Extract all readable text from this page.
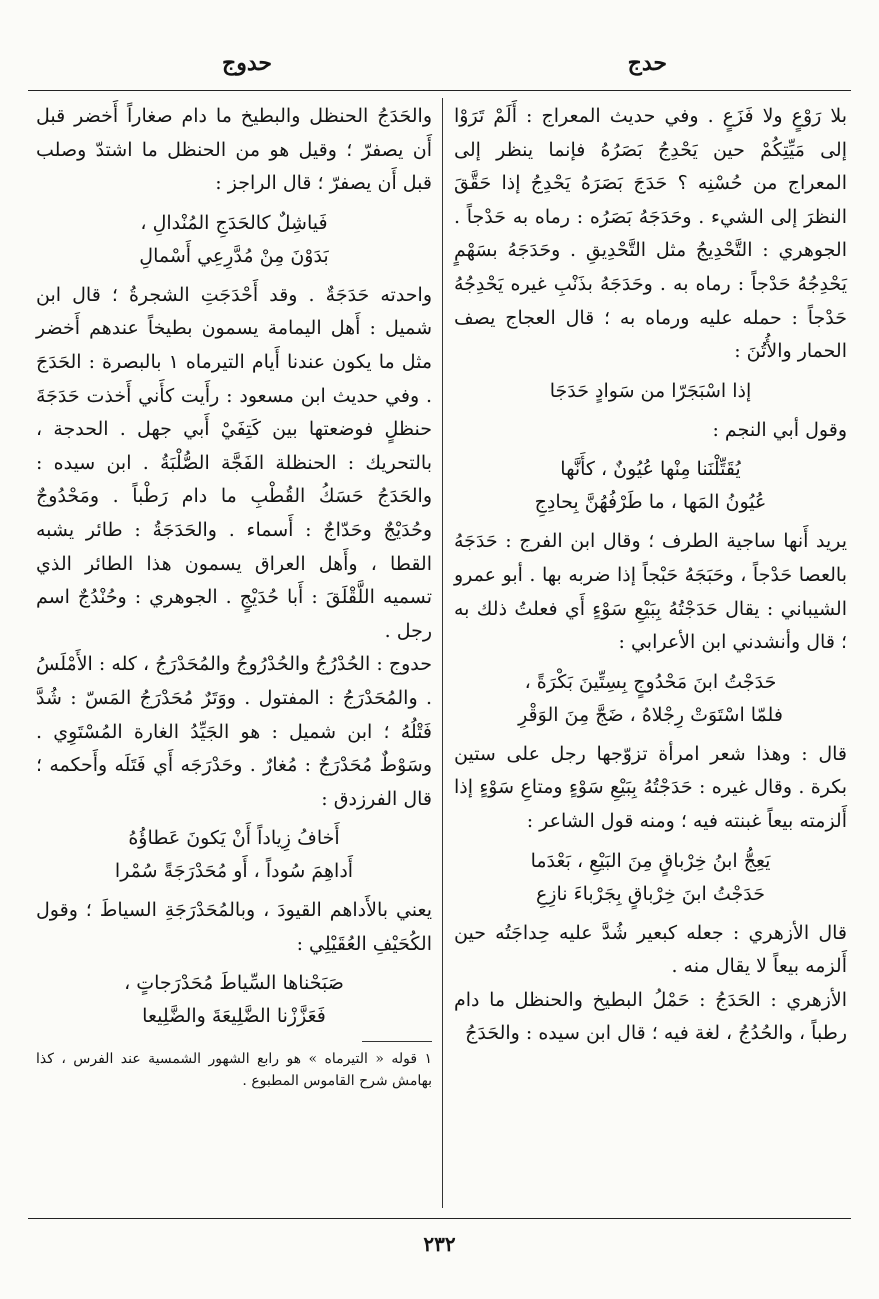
حدج
حدوج

بلا رَوْعٍ ولا فَزَعٍ . وفي حديث المعراج : أَلَمْ تَرَوْا إلى مَيِّتِكُمْ حين يَحْدِجُ بَصَرُهُ فإنما ينظر إلى المعراج من حُسْنِه ؟ حَدَجَ بَصَرَهُ يَحْدِجُ إذا حَقَّقَ النظرَ إلى الشيء . وحَدَجَهُ بَصَرُه : رماه به حَدْجاً . الجوهري : التَّحْدِيجُ مثل التَّحْدِيقِ . وحَدَجَهُ بسَهْمٍ يَحْدِجُهُ حَدْجاً : رماه به . وحَدَجَهُ بذَنْبِ غيره يَحْدِجُهُ حَدْجاً : حمله عليه ورماه به ؛ قال العجاج يصف الحمار والأُتُنَ :

إذا اسْبَجَرّا من سَوادٍ حَدَجَا

وقول أبي النجم :

يُقَتِّلْنَنا مِنْها عُيُونٌ ، كأَنَّها
عُيُونُ المَها ، ما طَرْفُهُنَّ بِحادِجِ

يريد أَنها ساجية الطرف ؛ وقال ابن الفرج : حَدَجَهُ بالعصا حَدْجاً ، وحَبَجَهُ حَبْجاً إذا ضربه بها . أبو عمرو الشيباني : يقال حَدَجْتُهُ بِبَيْعِ سَوْءٍ أَي فعلتُ ذلك به ؛ قال وأنشدني ابن الأعرابي :

حَدَجْتُ ابنَ مَحْدُوجٍ بِسِتِّينَ بَكْرَةً ،
فلمّا اسْتَوَتْ رِجْلاهُ ، ضَجَّ مِنَ الوَقْرِ

قال : وهذا شعر امرأة تزوّجها رجل على ستين بكرة . وقال غيره : حَدَجْتُهُ بِبَيْعِ سَوْءٍ ومتاعِ سَوْءٍ إذا أَلزمته بيعاً غبنته فيه ؛ ومنه قول الشاعر :

يَعِجُّ ابنُ خِرْباقٍ مِنَ البَيْعِ ، بَعْدَما
حَدَجْتُ ابنَ خِرْباقٍ بِجَرْباءَ نازِعِ

قال الأزهري : جعله كبعير شُدَّ عليه حِداجَتُه حين أَلزمه بيعاً لا يقال منه .

الأزهري : الحَدَجُ : حَمْلُ البطيخ والحنظل ما دام رطباً ، والحُدُجُ ، لغة فيه ؛ قال ابن سيده : والحَدَجُ

والحَدَجُ الحنظل والبطيخ ما دام صغاراً أَخضر قبل أَن يصفرّ ؛ وقيل هو من الحنظل ما اشتدّ وصلب قبل أَن يصفرّ ؛ قال الراجز :

فَياشِلٌ كالحَدَجِ المُنْدالِ ،
بَدَوْنَ مِنْ مُدَّرِعِي أَسْمالِ

واحدته حَدَجَةٌ . وقد أَحْدَجَتِ الشجرةُ ؛ قال ابن شميل : أَهل اليمامة يسمون بطيخاً عندهم أَخضر مثل ما يكون عندنا أَيام التيرماه ١ بالبصرة : الحَدَجَ . وفي حديث ابن مسعود : رأَيت كأَني أَخذت حَدَجَةَ حنظلٍ فوضعتها بين كَتِفَيْ أَبي جهل . الحدجة ، بالتحريك : الحنظلة الفَجَّة الصُّلْبَةُ . ابن سيده : والحَدَجُ حَسَكُ القُطْبِ ما دام رَطْباً . ومَحْدُوجٌ وحُدَيْجٌ وحَدّاجٌ : أَسماء . والحَدَجَةُ : طائر يشبه القطا ، وأَهل العراق يسمون هذا الطائر الذي تسميه اللَّقْلَقَ : أَبا حُدَيْجٍ . الجوهري : وحُنْدُجٌ اسم رجل .

حدوج : الحُدْرُجُ والحُدْرُوجُ والمُحَدْرَجُ ، كله : الأَمْلَسُ . والمُحَدْرَجُ : المفتول . ووَتَرٌ مُحَدْرَجُ المَسّ : شُدَّ فَتْلُهُ ؛ ابن شميل : هو الجَيِّدُ الغارة المُسْتَوِي . وسَوْطٌ مُحَدْرَجٌ : مُغارٌ . وحَدْرَجَه أَي فَتَلَه وأَحكمه ؛ قال الفرزدق :

أَخافُ زِياداً أَنْ يَكونَ عَطاؤُهُ
أَداهِمَ سُوداً ، أَو مُحَدْرَجَةً سُمْرا

يعني بالأَداهم القيودَ ، وبالمُحَدْرَجَةِ السياطَ ؛ وقول الكُحَيْفِ العُقَيْلِي :

صَبَحْناها السِّياطَ مُحَدْرَجاتٍ ،
فَعَزَّزْنا الضَّلِيعَةَ والضَّلِيعا

١ قوله « التيرماه » هو رابع الشهور الشمسية عند الفرس ، كذا بهامش شرح القاموس المطبوع .

٢٣٢
